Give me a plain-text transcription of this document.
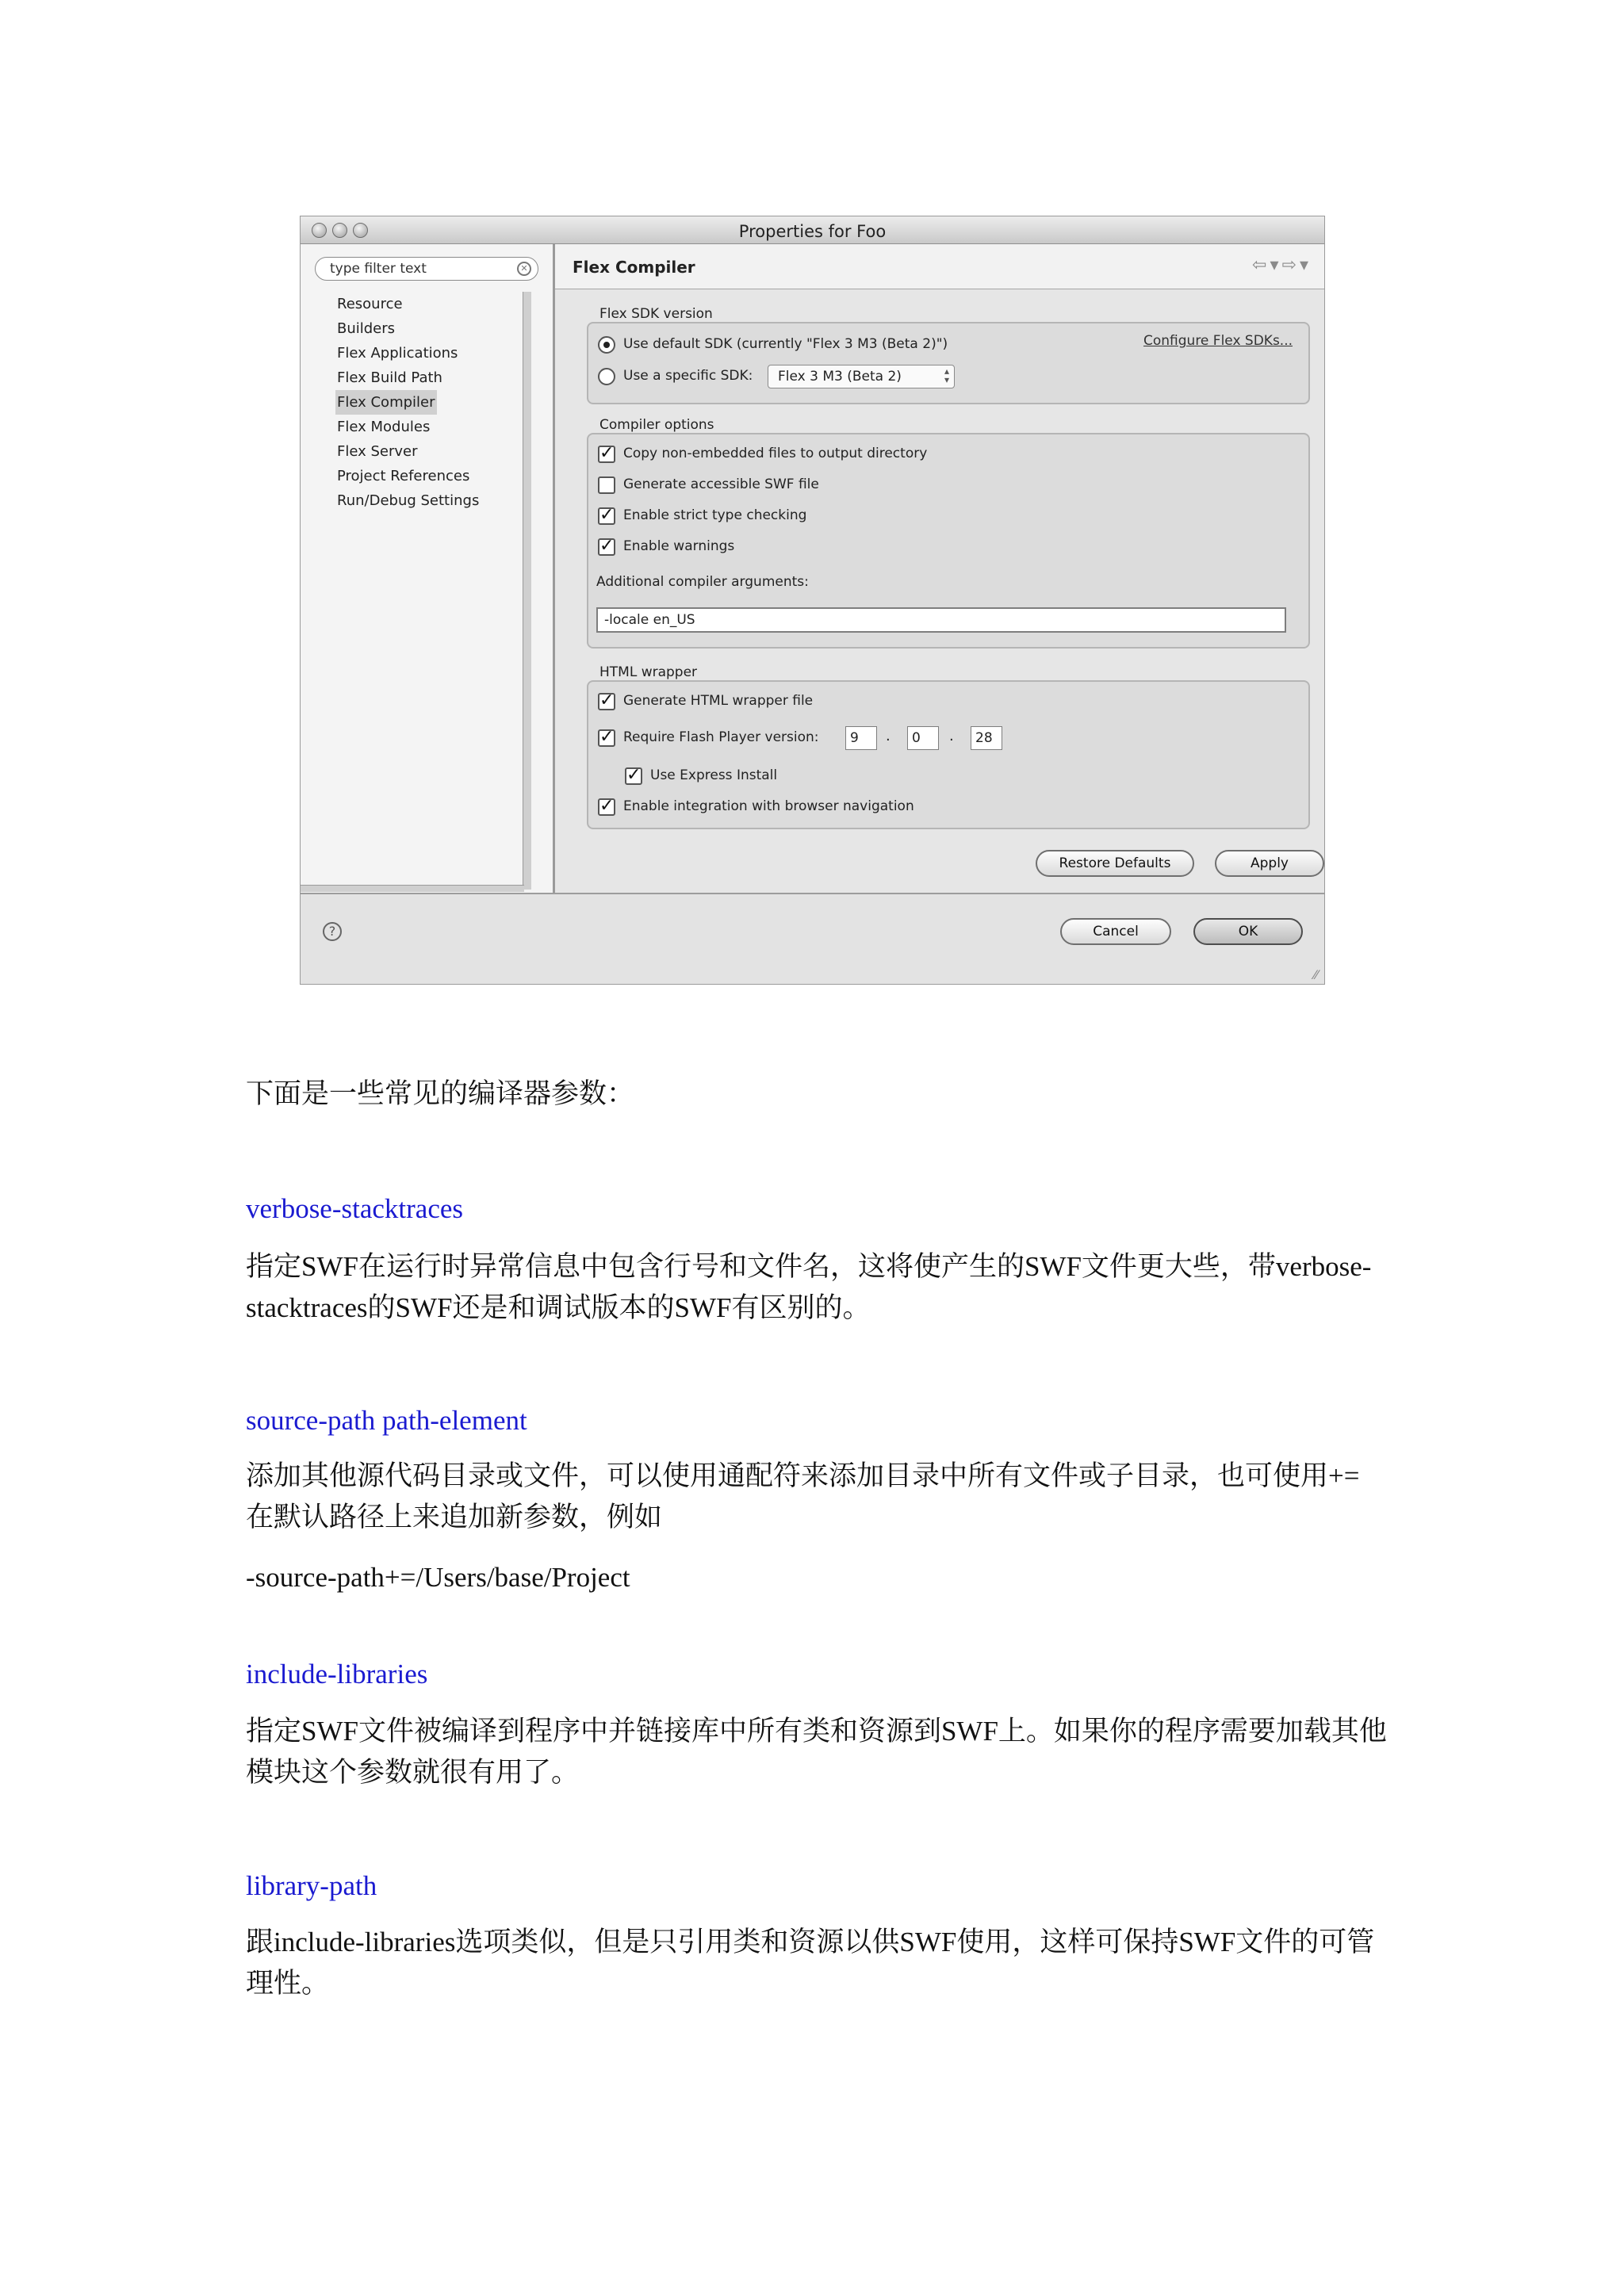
Properties for Foo
type filter text	✕
Resource
Builders
Flex Applications
Flex Build Path
Flex Compiler
Flex Modules
Flex Server
Project References
Run/Debug Settings
Flex Compiler	⇦▾⇨▾
Flex SDK version
Use default SDK (currently "Flex 3 M3 (Beta 2)")	Configure Flex SDKs...
Use a specific SDK:	Flex 3 M3 (Beta 2)	▴
▾
Compiler options
✓ Copy non-embedded files to output directory
Generate accessible SWF file
✓ Enable strict type checking
✓ Enable warnings
Additional compiler arguments:
-locale en_US
HTML wrapper
✓ Generate HTML wrapper file
✓ Require Flash Player version:	9	.	0	.	28
✓ Use Express Install
✓ Enable integration with browser navigation
Restore Defaults	Apply
?	Cancel	OK
⁄⁄

下面是一些常见的编译器参数：

verbose-stacktraces

指定SWF在运行时异常信息中包含行号和文件名，这将使产生的SWF文件更大些，带verbose-stacktraces的SWF还是和调试版本的SWF有区别的。

source-path path-element

添加其他源代码目录或文件，可以使用通配符来添加目录中所有文件或子目录，也可使用+= 在默认路径上来追加新参数，例如

-source-path+=/Users/base/Project

include-libraries

指定SWF文件被编译到程序中并链接库中所有类和资源到SWF上。如果你的程序需要加载其他模块这个参数就很有用了。

library-path

跟include-libraries选项类似，但是只引用类和资源以供SWF使用，这样可保持SWF文件的可管理性。
